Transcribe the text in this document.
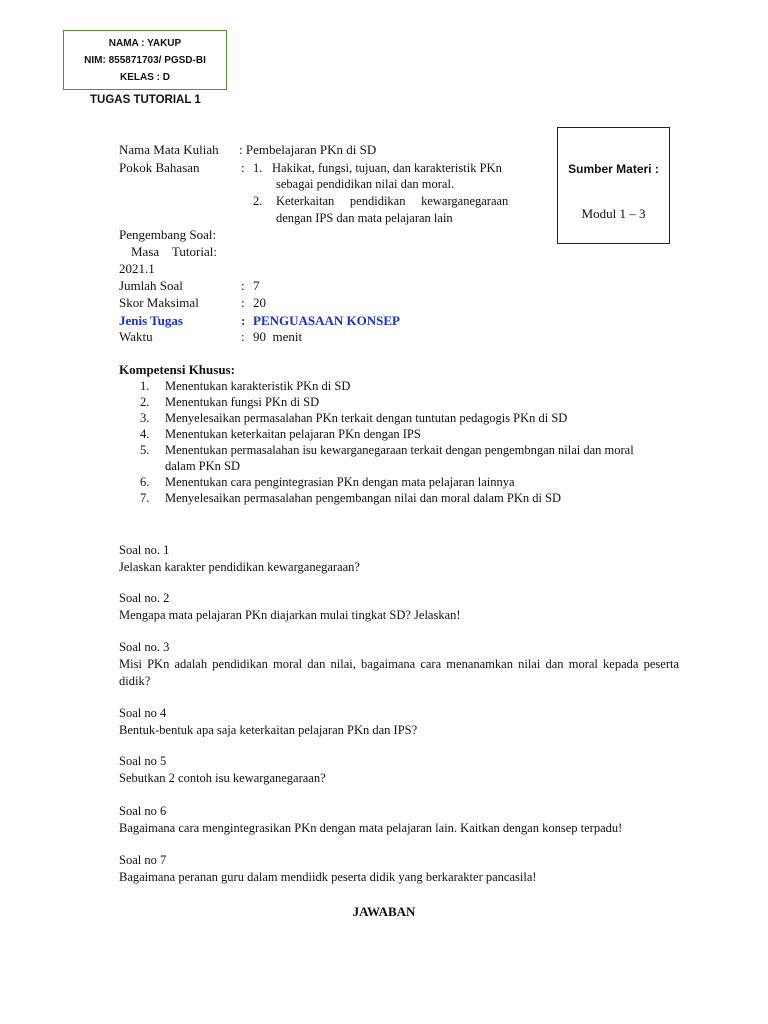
NAMA : YAKUP
NIM: 855871703/ PGSD-BI
KELAS : D
TUGAS TUTORIAL 1
Sumber Materi :
Modul 1 – 3
Nama Mata Kuliah : Pembelajaran PKn di SD
Pokok Bahasan	: 1. Hakikat, fungsi, tujuan, dan karakteristik PKn
sebagai pendidikan nilai dan moral.
2. Keterkaitan     pendidikan     kewarganegaraan
dengan IPS dan mata pelajaran lain
Pengembang Soal:
Masa    Tutorial:
2021.1
Jumlah Soal	: 7
Skor Maksimal	: 20
Jenis Tugas	: PENGUASAAN KONSEP
Waktu	: 90  menit
Kompetensi Khusus:
1. Menentukan karakteristik PKn di SD
2. Menentukan fungsi PKn di SD
3. Menyelesaikan permasalahan PKn terkait dengan tuntutan pedagogis PKn di SD
4. Menentukan keterkaitan pelajaran PKn dengan IPS
5. Menentukan permasalahan isu kewarganegaraan terkait dengan pengembngan nilai dan moral dalam PKn SD
6. Menentukan cara pengintegrasian PKn dengan mata pelajaran lainnya
7. Menyelesaikan permasalahan pengembangan nilai dan moral dalam PKn di SD
Soal no. 1
Jelaskan karakter pendidikan kewarganegaraan?
Soal no. 2
Mengapa mata pelajaran PKn diajarkan mulai tingkat SD? Jelaskan!
Soal no. 3
Misi PKn adalah pendidikan moral dan nilai, bagaimana cara menanamkan nilai dan moral kepada peserta didik?
Soal no 4
Bentuk-bentuk apa saja keterkaitan pelajaran PKn dan IPS?
Soal no 5
Sebutkan 2 contoh isu kewarganegaraan?
Soal no 6
Bagaimana cara mengintegrasikan PKn dengan mata pelajaran lain. Kaitkan dengan konsep terpadu!
Soal no 7
Bagaimana peranan guru dalam mendiidk peserta didik yang berkarakter pancasila!
JAWABAN
